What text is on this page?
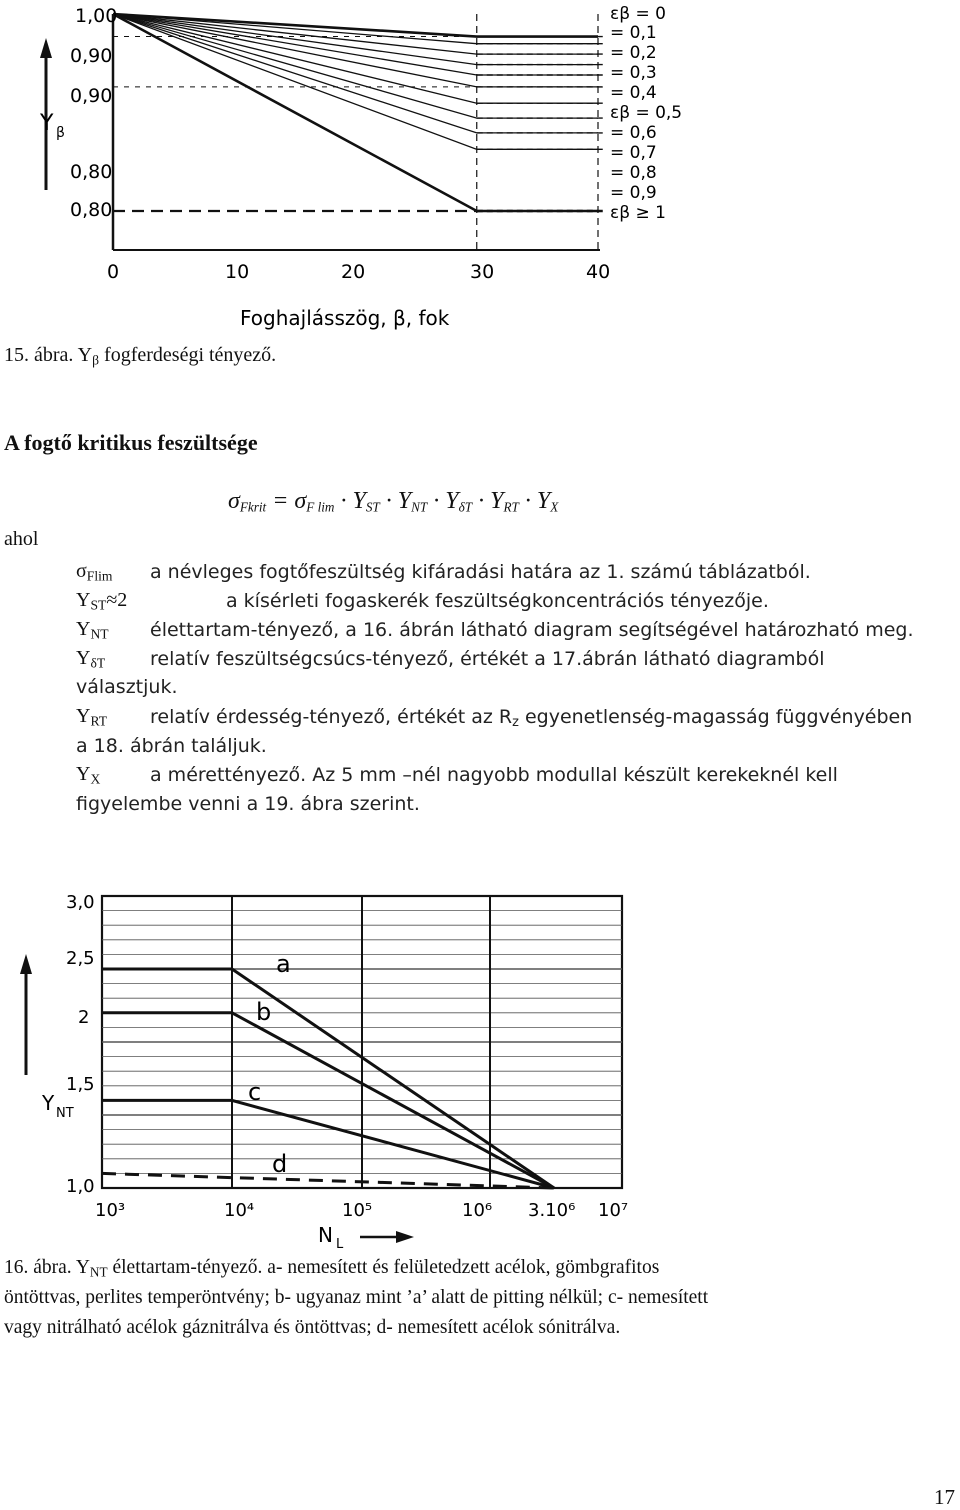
1,00
0,90
0,90
0,80
0,80
Y β
0	10	20	30	40
Foghajlásszög, β, fok
εβ = 0
= 0,1
= 0,2
= 0,3
= 0,4
εβ = 0,5
= 0,6
= 0,7
= 0,8
= 0,9
εβ ≥ 1
15. ábra. $Y_\beta$ fogferdeségi tényező.
A fogtő kritikus feszültsége
$\sigma_{Fkrit} = \sigma_{F lim} \cdot Y_{ST} \cdot Y_{NT} \cdot Y_{\delta T} \cdot Y_{RT} \cdot Y_X$
ahol
$\sigma_{Flim}$ a névleges fogtőfeszültség kifáradási határa az 1. számú táblázatból.
$Y_{ST}\approx 2$	a kísérleti fogaskerék feszültségkoncentrációs tényezője.
$Y_{NT}$ élettartam-tényező, a 16. ábrán látható diagram segítségével határozható meg.
$Y_{\delta T}$ relatív feszültségcsúcs-tényező, értékét a 17.ábrán látható diagramból
választjuk.
$Y_{RT}$ relatív érdesség-tényező, értékét az $R_z$ egyenetlenség-magasság függvényében
a 18. ábrán találjuk.
$Y_X$	a mérettényező. Az 5 mm –nél nagyobb modullal készült kerekeknél kell
figyelembe venni a 19. ábra szerint.
3,0
2,5
2
1,5
1,0
Y NT
10³	10⁴	10⁵	10⁶ 3.10⁶ 10⁷
N L
a
b
c
d
16. ábra. $Y_{NT}$ élettartam-tényező. a- nemesített és felületedzett acélok, gömbgrafitos
öntöttvas, perlites temperöntvény; b- ugyanaz mint ’a’ alatt de pitting nélkül; c- nemesített
vagy nitrálható acélok gáznitrálva és öntöttvas; d- nemesített acélok sónitrálva.
17
